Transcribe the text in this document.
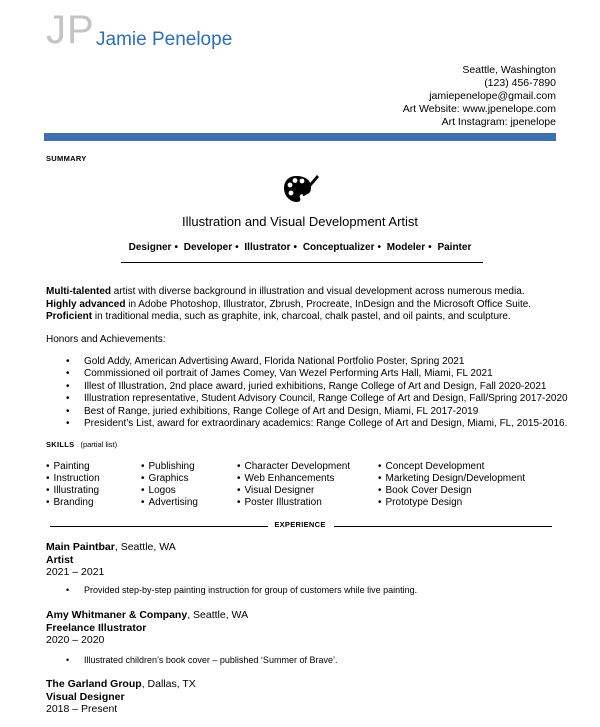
JP Jamie Penelope
Seattle, Washington
(123) 456-7890
jamiepenelope@gmail.com
Art Website: www.jpenelope.com
Art Instagram: jpenelope
SUMMARY
Illustration and Visual Development Artist
Designer • Developer • Illustrator • Conceptualizer • Modeler • Painter
Multi-talented artist with diverse background in illustration and visual development across numerous media.
Highly advanced in Adobe Photoshop, Illustrator, Zbrush, Procreate, InDesign and the Microsoft Office Suite.
Proficient in traditional media, such as graphite, ink, charcoal, chalk pastel, and oil paints, and sculpture.
Honors and Achievements:
• Gold Addy, American Advertising Award, Florida National Portfolio Poster, Spring 2021
• Commissioned oil portrait of James Comey, Van Wezel Performing Arts Hall, Miami, FL 2021
• Illest of Illustration, 2nd place award, juried exhibitions, Range College of Art and Design, Fall 2020-2021
• Illustration representative, Student Advisory Council, Range College of Art and Design, Fall/Spring 2017-2020
• Best of Range, juried exhibitions, Range College of Art and Design, Miami, FL 2017-2019
• President’s List, award for extraordinary academics: Range College of Art and Design, Miami, FL, 2015-2016.
SKILLS (partial list)
• Painting
• Instruction
• Illustrating
• Branding
• Publishing
• Graphics
• Logos
• Advertising
• Character Development
• Web Enhancements
• Visual Designer
• Poster Illustration
• Concept Development
• Marketing Design/Development
• Book Cover Design
• Prototype Design
EXPERIENCE
Main Paintbar, Seattle, WA
Artist
2021 – 2021
• Provided step-by-step painting instruction for group of customers while live painting.
Amy Whitmaner & Company, Seattle, WA
Freelance Illustrator
2020 – 2020
• Illustrated children’s book cover – published ‘Summer of Brave’.
The Garland Group, Dallas, TX
Visual Designer
2018 – Present
